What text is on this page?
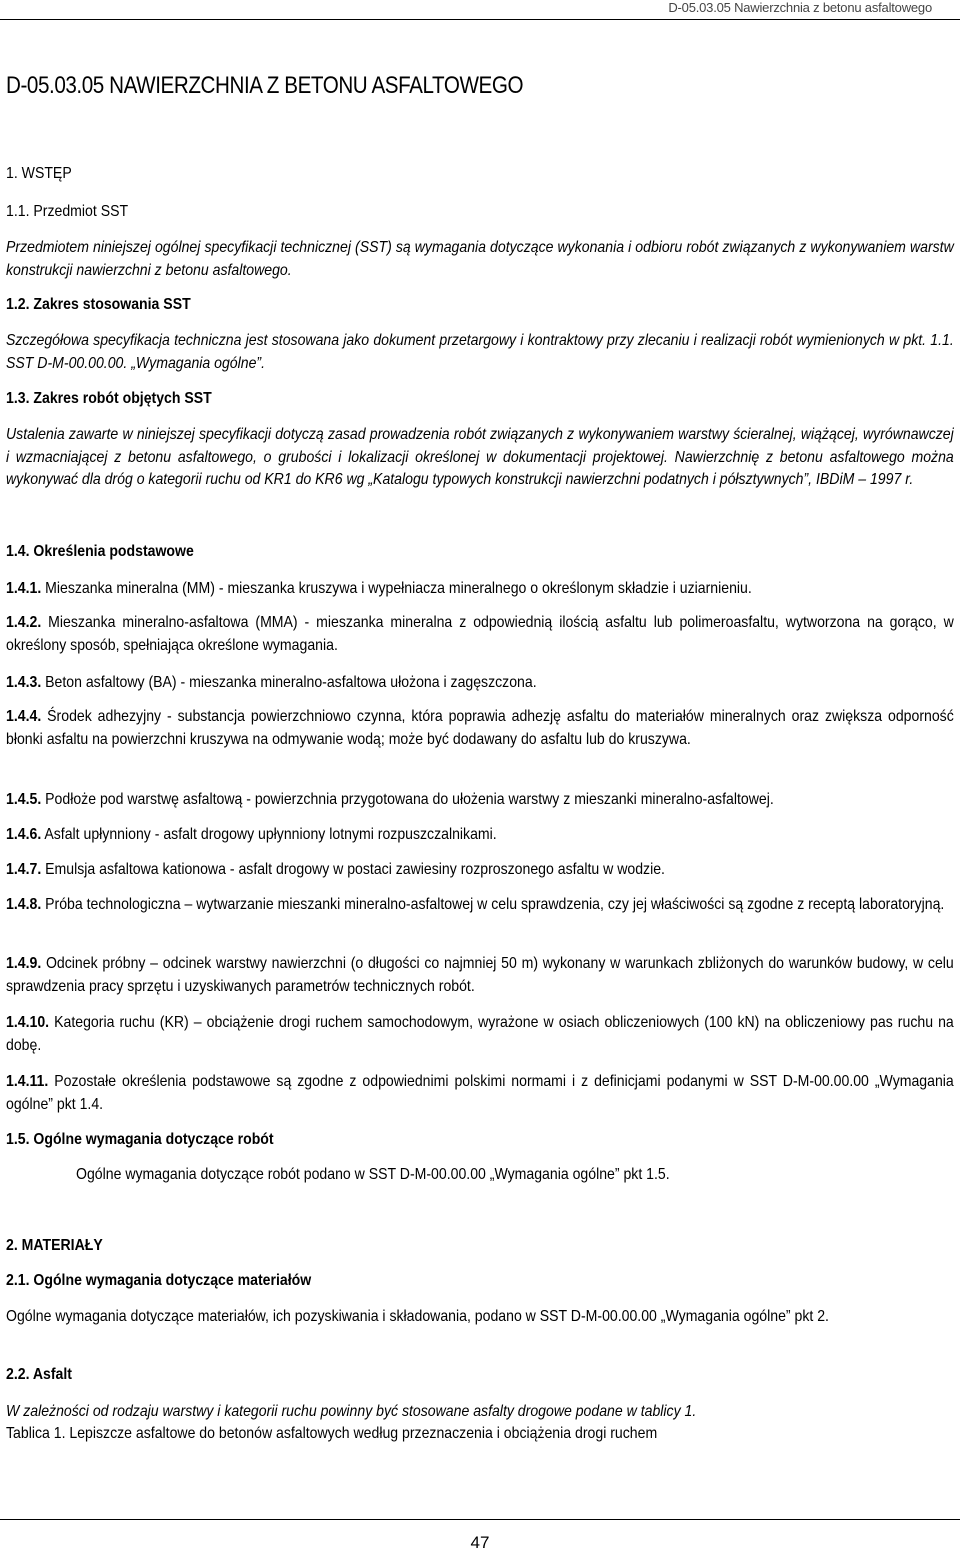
D-05.03.05 Nawierzchnia z betonu asfaltowego
D-05.03.05 NAWIERZCHNIA Z BETONU ASFALTOWEGO
1. WSTĘP
1.1. Przedmiot SST
Przedmiotem niniejszej ogólnej specyfikacji technicznej (SST) są wymagania dotyczące wykonania i odbioru robót związanych z wykonywaniem warstw konstrukcji nawierzchni z betonu asfaltowego.
1.2. Zakres stosowania SST
Szczegółowa specyfikacja techniczna jest stosowana jako dokument przetargowy i kontraktowy przy zlecaniu i realizacji robót wymienionych w pkt. 1.1. SST D-M-00.00.00. „Wymagania ogólne”.
1.3. Zakres robót objętych SST
Ustalenia zawarte w niniejszej specyfikacji dotyczą zasad prowadzenia robót związanych z wykonywaniem warstwy ścieralnej, wiążącej, wyrównawczej i wzmacniającej z betonu asfaltowego, o grubości i lokalizacji określonej w dokumentacji projektowej. Nawierzchnię z betonu asfaltowego można wykonywać dla dróg o kategorii ruchu od KR1 do KR6 wg „Katalogu typowych konstrukcji nawierzchni podatnych i półsztywnych”, IBDiM – 1997 r.
1.4. Określenia podstawowe
1.4.1. Mieszanka mineralna (MM) - mieszanka kruszywa i wypełniacza mineralnego o określonym składzie i uziarnieniu.
1.4.2. Mieszanka mineralno-asfaltowa (MMA) - mieszanka mineralna z odpowiednią ilością asfaltu lub polimeroasfaltu, wytworzona na gorąco, w określony sposób, spełniająca określone wymagania.
1.4.3. Beton asfaltowy (BA) - mieszanka mineralno-asfaltowa ułożona i zagęszczona.
1.4.4. Środek adhezyjny - substancja powierzchniowo czynna, która poprawia adhezję asfaltu do materiałów mineralnych oraz zwiększa odporność błonki asfaltu na powierzchni kruszywa na odmywanie wodą; może być dodawany do asfaltu lub do kruszywa.
1.4.5. Podłoże pod warstwę asfaltową - powierzchnia przygotowana do ułożenia warstwy z mieszanki mineralno-asfaltowej.
1.4.6. Asfalt upłynniony - asfalt drogowy upłynniony lotnymi rozpuszczalnikami.
1.4.7. Emulsja asfaltowa kationowa - asfalt drogowy w postaci zawiesiny rozproszonego asfaltu w wodzie.
1.4.8. Próba technologiczna – wytwarzanie mieszanki mineralno-asfaltowej w celu sprawdzenia, czy jej właściwości są zgodne z receptą laboratoryjną.
1.4.9. Odcinek próbny – odcinek warstwy nawierzchni (o długości co najmniej 50 m) wykonany w warunkach zbliżonych do warunków budowy, w celu sprawdzenia pracy sprzętu i uzyskiwanych parametrów technicznych robót.
1.4.10. Kategoria ruchu (KR) – obciążenie drogi ruchem samochodowym, wyrażone w osiach obliczeniowych (100 kN) na obliczeniowy pas ruchu na dobę.
1.4.11. Pozostałe określenia podstawowe są zgodne z odpowiednimi polskimi normami i z definicjami podanymi w SST D-M-00.00.00 „Wymagania ogólne” pkt 1.4.
1.5. Ogólne wymagania dotyczące robót
Ogólne wymagania dotyczące robót podano w SST D-M-00.00.00 „Wymagania ogólne” pkt 1.5.
2. MATERIAŁY
2.1. Ogólne wymagania dotyczące materiałów
Ogólne wymagania dotyczące materiałów, ich pozyskiwania i składowania, podano w SST D-M-00.00.00 „Wymagania ogólne” pkt 2.
2.2. Asfalt
W zależności od rodzaju warstwy i kategorii ruchu powinny być stosowane asfalty drogowe podane w tablicy 1.
Tablica 1. Lepiszcze asfaltowe do betonów asfaltowych według przeznaczenia i obciążenia drogi ruchem
47
